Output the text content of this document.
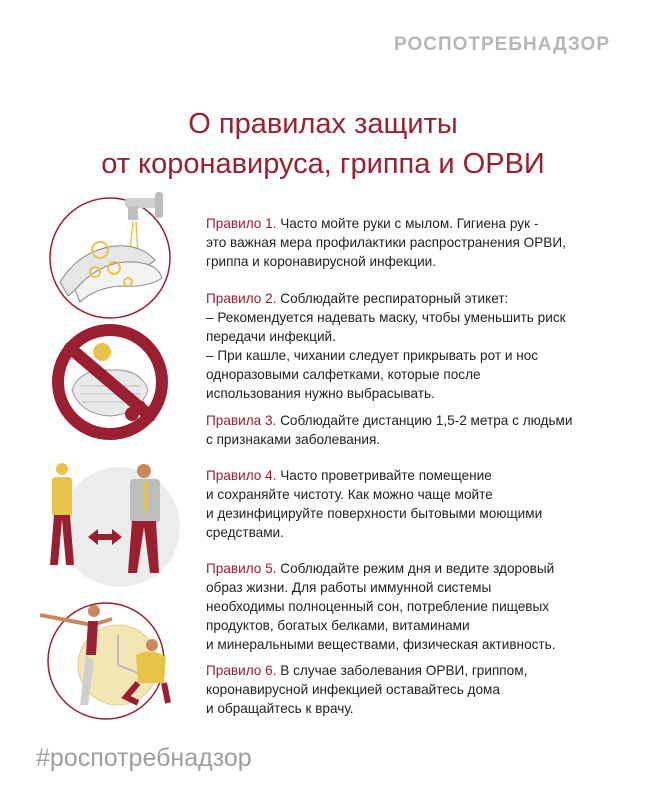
РОСПОТРЕБНАДЗОР
О правилах защиты
от коронавируса, гриппа и ОРВИ
Правило 1. Часто мойте руки с мылом. Гигиена рук -
это важная мера профилактики распространения ОРВИ,
гриппа и коронавирусной инфекции.
Правило 2. Соблюдайте респираторный этикет:
– Рекомендуется надевать маску, чтобы уменьшить риск
передачи инфекций.
– При кашле, чихании следует прикрывать рот и нос
одноразовыми салфетками, которые после
использования нужно выбрасывать.
Правила 3. Соблюдайте дистанцию 1,5-2 метра с людьми
с признаками заболевания.
Правило 4. Часто проветривайте помещение
и сохраняйте чистоту. Как можно чаще мойте
и дезинфицируйте поверхности бытовыми моющими
средствами.
Правило 5. Соблюдайте режим дня и ведите здоровый
образ жизни. Для работы иммунной системы
необходимы полноценный сон, потребление пищевых
продуктов, богатых белками, витаминами
и минеральными веществами, физическая активность.
Правило 6. В случае заболевания ОРВИ, гриппом,
коронавирусной инфекцией оставайтесь дома
и обращайтесь к врачу.
#роспотребнадзор
